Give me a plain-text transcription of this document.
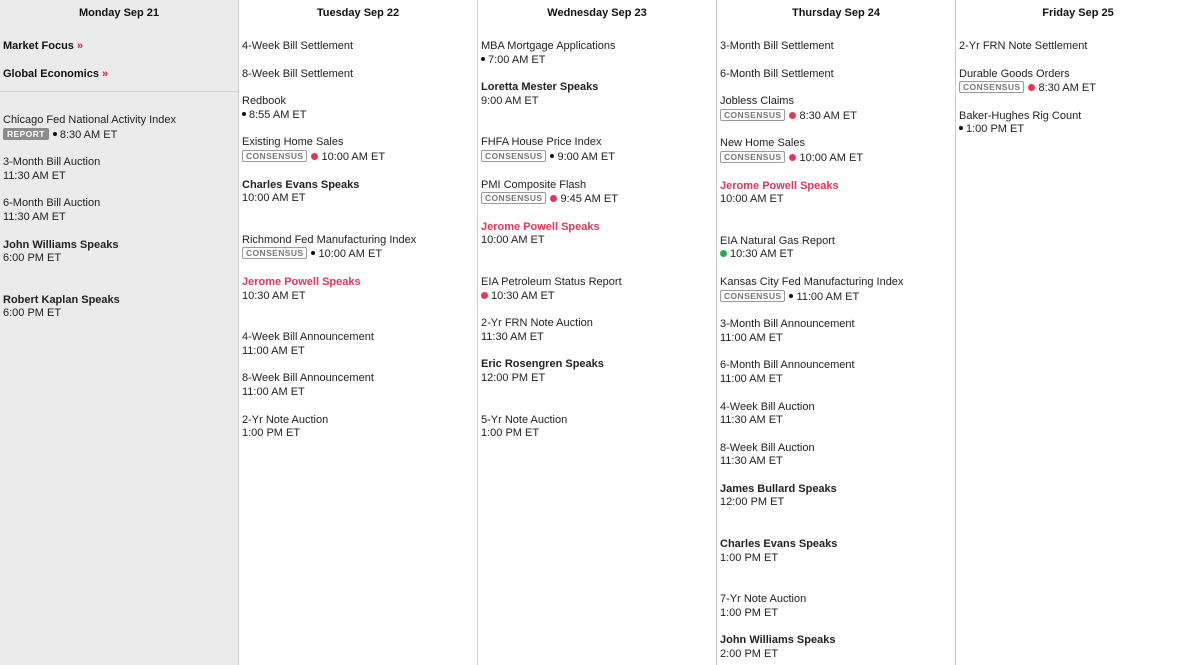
Monday Sep 21
Market Focus »
Global Economics »
Chicago Fed National Activity Index
REPORT 8:30 AM ET
3-Month Bill Auction
11:30 AM ET
6-Month Bill Auction
11:30 AM ET
John Williams Speaks
6:00 PM ET
Robert Kaplan Speaks
6:00 PM ET
Tuesday Sep 22
4-Week Bill Settlement
8-Week Bill Settlement
Redbook
8:55 AM ET
Existing Home Sales
CONSENSUS 10:00 AM ET
Charles Evans Speaks
10:00 AM ET
Richmond Fed Manufacturing Index
CONSENSUS 10:00 AM ET
Jerome Powell Speaks
10:30 AM ET
4-Week Bill Announcement
11:00 AM ET
8-Week Bill Announcement
11:00 AM ET
2-Yr Note Auction
1:00 PM ET
Wednesday Sep 23
MBA Mortgage Applications
7:00 AM ET
Loretta Mester Speaks
9:00 AM ET
FHFA House Price Index
CONSENSUS 9:00 AM ET
PMI Composite Flash
CONSENSUS 9:45 AM ET
Jerome Powell Speaks
10:00 AM ET
EIA Petroleum Status Report
10:30 AM ET
2-Yr FRN Note Auction
11:30 AM ET
Eric Rosengren Speaks
12:00 PM ET
5-Yr Note Auction
1:00 PM ET
Thursday Sep 24
3-Month Bill Settlement
6-Month Bill Settlement
Jobless Claims
CONSENSUS 8:30 AM ET
New Home Sales
CONSENSUS 10:00 AM ET
Jerome Powell Speaks
10:00 AM ET
EIA Natural Gas Report
10:30 AM ET
Kansas City Fed Manufacturing Index
CONSENSUS 11:00 AM ET
3-Month Bill Announcement
11:00 AM ET
6-Month Bill Announcement
11:00 AM ET
4-Week Bill Auction
11:30 AM ET
8-Week Bill Auction
11:30 AM ET
James Bullard Speaks
12:00 PM ET
Charles Evans Speaks
1:00 PM ET
7-Yr Note Auction
1:00 PM ET
John Williams Speaks
2:00 PM ET
Friday Sep 25
2-Yr FRN Note Settlement
Durable Goods Orders
CONSENSUS 8:30 AM ET
Baker-Hughes Rig Count
1:00 PM ET
